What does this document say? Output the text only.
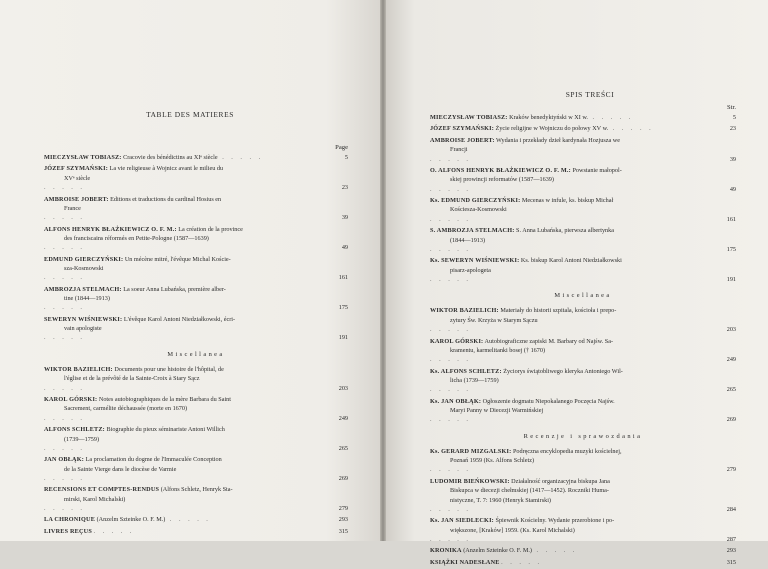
TABLE DES MATIERES
SPIS TREŚCI
Page
MIECZYSŁAW TOBIASZ: Cracovie des bénédictins au XIᵉ siècle . . . . .	5
JÓZEF SZYMAŃSKI: La vie religieuse à Wojnicz avant le milieu du
XVᵉ siècle
. . . . .	23
AMBROISE JOBERT: Editions et traductions du cardinal Hosius en
France
. . . . .	39
ALFONS HENRYK BŁAŻKIEWICZ O. F. M.: La création de la province
des franciscains réformés en Petite-Pologne (1587—1639)
. . . . .	49
EDMUND GIERCZYŃSKI: Un mécène mitré, l'évêque Michal Koście-
sza-Kosmowski
. . . . .	161
AMBROZJA STELMACH: La soeur Anna Lubańska, première alber-
tine (1844—1913)
. . . . .	175
SEWERYN WIŚNIEWSKI: L'évêque Karol Antoni Niedziałkowski, écri-
vain apologiste
. . . . .	191
Miscellanea
WIKTOR BAZIELICH: Documents pour une histoire de l'hôpital, de
l'église et de la prévôté de la Sainte-Croix à Stary Sącz
. . . . .	203
KAROL GÓRSKI: Notes autobiographiques de la mère Barbara du Saint
Sacrement, carmélite déchaussée (morte en 1670)
. . . . .	249
ALFONS SCHLETZ: Biographie du pieux séminariste Antoni Willich
(1739—1759)
. . . . .	265
JAN OBŁĄK: La proclamation du dogme de l'Immaculée Conception
de la Sainte Vierge dans le diocèse de Varmie
. . . . .	269
RECENSIONS ET COMPTES-RENDUS (Alfons Schletz, Henryk Sta-
mirski, Karol Michalski)
. . . . .	279
LA CHRONIQUE (Anzelm Szteinke O. F. M.) . . . . .	293
LIVRES REÇUS . . . . .	315
Str.
MIECZYSŁAW TOBIASZ: Kraków benedyktyński w XI w. . . . . .	5
JÓZEF SZYMAŃSKI: Życie religijne w Wojniczu do połowy XV w. . . . . .	23
AMBROISE JOBERT: Wydania i przekłady dzieł kardynała Hozjusza we
Francji
. . . . .	39
O. ALFONS HENRYK BŁAŻKIEWICZ O. F. M.: Powstanie małopol-
skiej prowincji reformatów (1587—1639)
. . . . .	49
Ks. EDMUND GIERCZYŃSKI: Mecenas w infule, ks. biskup Michał
Kościesza-Kosmowski
. . . . .	161
S. AMBROZJA STELMACH: S. Anna Lubańska, pierwsza albertynka
(1844—1913)
. . . . .	175
Ks. SEWERYN WIŚNIEWSKI: Ks. biskup Karol Antoni Niedziałkowski
pisarz-apologeta
. . . . .	191
Miscellanea
WIKTOR BAZIELICH: Materiały do historii szpitala, kościoła i prepo-
zytury Św. Krzyża w Starym Sączu
. . . . .	203
KAROL GÓRSKI: Autobiograficzne zapiski M. Barbary od Najśw. Sa-
kramentu, karmelitanki bosej († 1670)
. . . . .	249
Ks. ALFONS SCHLETZ: Życiorys świątobliwego kleryka Antoniego Wil-
licha (1739—1759)
. . . . .	265
Ks. JAN OBŁĄK: Ogłoszenie dogmatu Niepokalanego Poczęcia Najśw.
Maryi Panny w Diecezji Warmińskiej
. . . . .	269
Recenzje i sprawozdania
Ks. GERARD MIZGALSKI: Podręczna encyklopedia muzyki kościelnej,
Poznań 1959 (Ks. Alfons Schletz)
. . . . .	279
LUDOMIR BIEŃKOWSKI: Działalność organizacyjna biskupa Jana
Biskupca w diecezji chełmskiej (1417—1452). Roczniki Huma-
nistyczne, T. 7: 1960 (Henryk Stamirski)
. . . . .	284
Ks. JAN SIEDLECKI: Śpiewnik Kościelny. Wydanie przerobione i po-
większone, [Kraków] 1959. (Ks. Karol Michalski)
. . . . .	287
KRONIKA (Anzelm Szteinke O. F. M.) . . . . .	293
KSIĄŻKI NADESŁANE . . . . .	315
